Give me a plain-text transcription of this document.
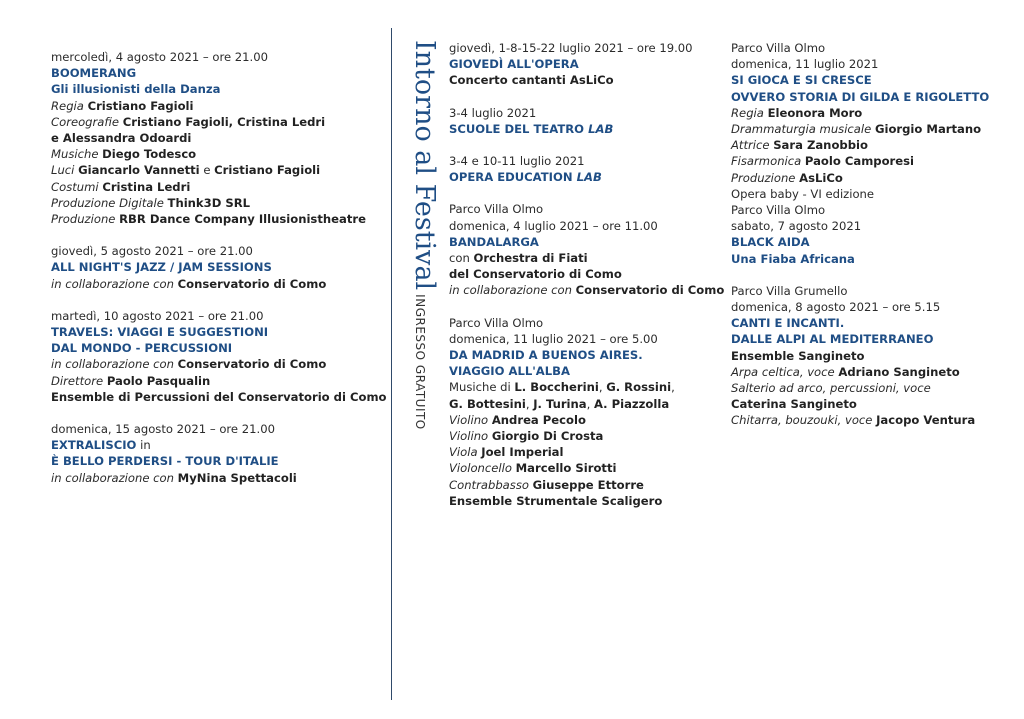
mercoledì, 4 agosto 2021 – ore 21.00
BOOMERANG
Gli illusionisti della Danza
Regia Cristiano Fagioli
Coreografie Cristiano Fagioli, Cristina Ledri
e Alessandra Odoardi
Musiche Diego Todesco
Luci Giancarlo Vannetti e Cristiano Fagioli
Costumi Cristina Ledri
Produzione Digitale Think3D SRL
Produzione RBR Dance Company Illusionistheatre
giovedì, 5 agosto 2021 – ore 21.00
ALL NIGHT'S JAZZ / JAM SESSIONS
in collaborazione con Conservatorio di Como
martedì, 10 agosto 2021 – ore 21.00
TRAVELS: VIAGGI E SUGGESTIONI
DAL MONDO - PERCUSSIONI
in collaborazione con Conservatorio di Como
Direttore Paolo Pasqualin
Ensemble di Percussioni del Conservatorio di Como
domenica, 15 agosto 2021 – ore 21.00
EXTRALISCIO in
È BELLO PERDERSI - TOUR D'ITALIE
in collaborazione con MyNina Spettacoli
Intorno al FestivalINGRESSO GRATUITO
giovedì, 1-8-15-22 luglio 2021 – ore 19.00
GIOVEDÌ ALL'OPERA
Concerto cantanti AsLiCo
3-4 luglio 2021
SCUOLE DEL TEATRO LAB
3-4 e 10-11 luglio 2021
OPERA EDUCATION LAB
Parco Villa Olmo
domenica, 4 luglio 2021 – ore 11.00
BANDALARGA
con Orchestra di Fiati
del Conservatorio di Como
in collaborazione con Conservatorio di Como
Parco Villa Olmo
domenica, 11 luglio 2021 – ore 5.00
DA MADRID A BUENOS AIRES.
VIAGGIO ALL'ALBA
Musiche di L. Boccherini, G. Rossini,
G. Bottesini, J. Turina, A. Piazzolla
Violino Andrea Pecolo
Violino Giorgio Di Crosta
Viola Joel Imperial
Violoncello Marcello Sirotti
Contrabbasso Giuseppe Ettorre
Ensemble Strumentale Scaligero
Parco Villa Olmo
domenica, 11 luglio 2021
SI GIOCA E SI CRESCE
OVVERO STORIA DI GILDA E RIGOLETTO
Regia Eleonora Moro
Drammaturgia musicale Giorgio Martano
Attrice Sara Zanobbio
Fisarmonica Paolo Camporesi
Produzione AsLiCo
Opera baby - VI edizione
Parco Villa Olmo
sabato, 7 agosto 2021
BLACK AIDA
Una Fiaba Africana
Parco Villa Grumello
domenica, 8 agosto 2021 – ore 5.15
CANTI E INCANTI.
DALLE ALPI AL MEDITERRANEO
Ensemble Sangineto
Arpa celtica, voce Adriano Sangineto
Salterio ad arco, percussioni, voce
Caterina Sangineto
Chitarra, bouzouki, voce Jacopo Ventura
